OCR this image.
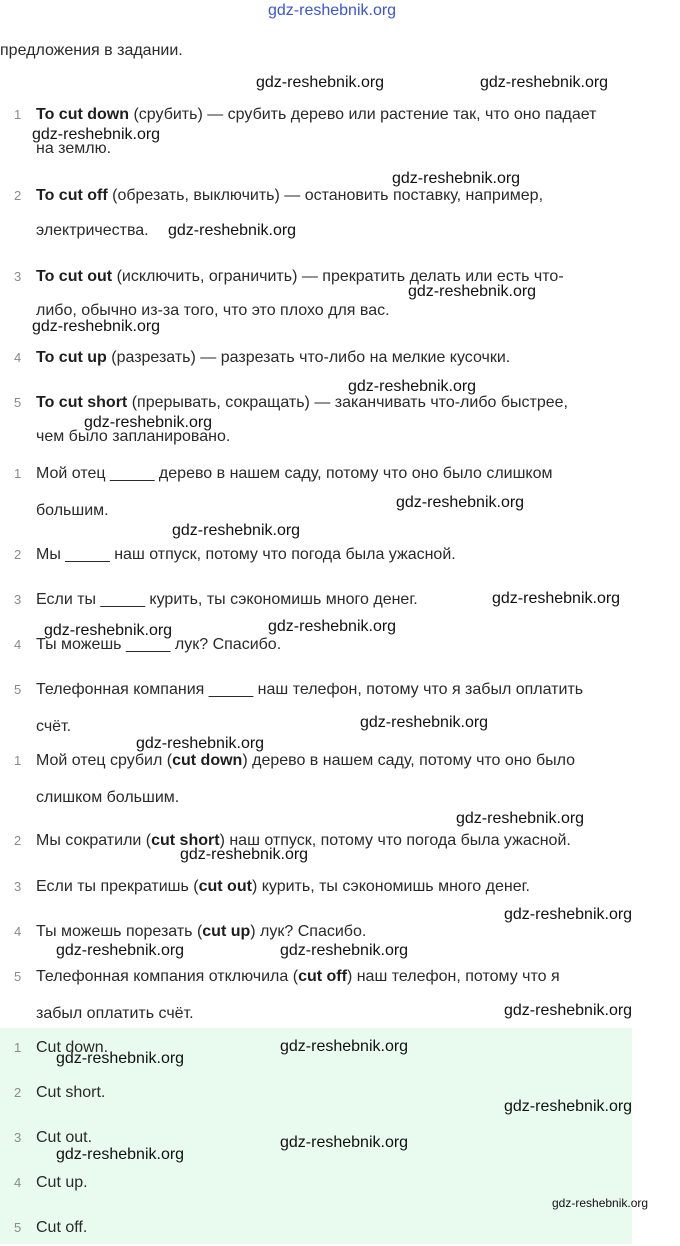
предложения в задании.
1 To cut down (срубить) — срубить дерево или растение так, что оно падает
на землю.
2 To cut off (обрезать, выключить) — остановить поставку, например,
электричества.
3 To cut out (исключить, ограничить) — прекратить делать или есть что-
либо, обычно из-за того, что это плохо для вас.
4 To cut up (разрезать) — разрезать что-либо на мелкие кусочки.
5 To cut short (прерывать, сокращать) — заканчивать что-либо быстрее,
чем было запланировано.
1 Мой отец _____ дерево в нашем саду, потому что оно было слишком
большим.
2 Мы _____ наш отпуск, потому что погода была ужасной.
3 Если ты _____ курить, ты сэкономишь много денег.
4 Ты можешь _____ лук? Спасибо.
5 Телефонная компания _____ наш телефон, потому что я забыл оплатить
счёт.
1 Мой отец срубил (cut down) дерево в нашем саду, потому что оно было
слишком большим.
2 Мы сократили (cut short) наш отпуск, потому что погода была ужасной.
3 Если ты прекратишь (cut out) курить, ты сэкономишь много денег.
4 Ты можешь порезать (cut up) лук? Спасибо.
5 Телефонная компания отключила (cut off) наш телефон, потому что я
забыл оплатить счёт.
1 Cut down.
2 Cut short.
3 Cut out.
4 Cut up.
5 Cut off.
gdz-reshebnik.org
gdz-reshebnik.org	gdz-reshebnik.org
gdz-reshebnik.org
gdz-reshebnik.org
gdz-reshebnik.org
gdz-reshebnik.org
gdz-reshebnik.org
gdz-reshebnik.org
gdz-reshebnik.org
gdz-reshebnik.org
gdz-reshebnik.org
gdz-reshebnik.org
gdz-reshebnik.org	gdz-reshebnik.org
gdz-reshebnik.org
gdz-reshebnik.org
gdz-reshebnik.org
gdz-reshebnik.org
gdz-reshebnik.org
gdz-reshebnik.org	gdz-reshebnik.org
gdz-reshebnik.org
gdz-reshebnik.org
gdz-reshebnik.org
gdz-reshebnik.org
gdz-reshebnik.org
gdz-reshebnik.org
gdz-reshebnik.org
